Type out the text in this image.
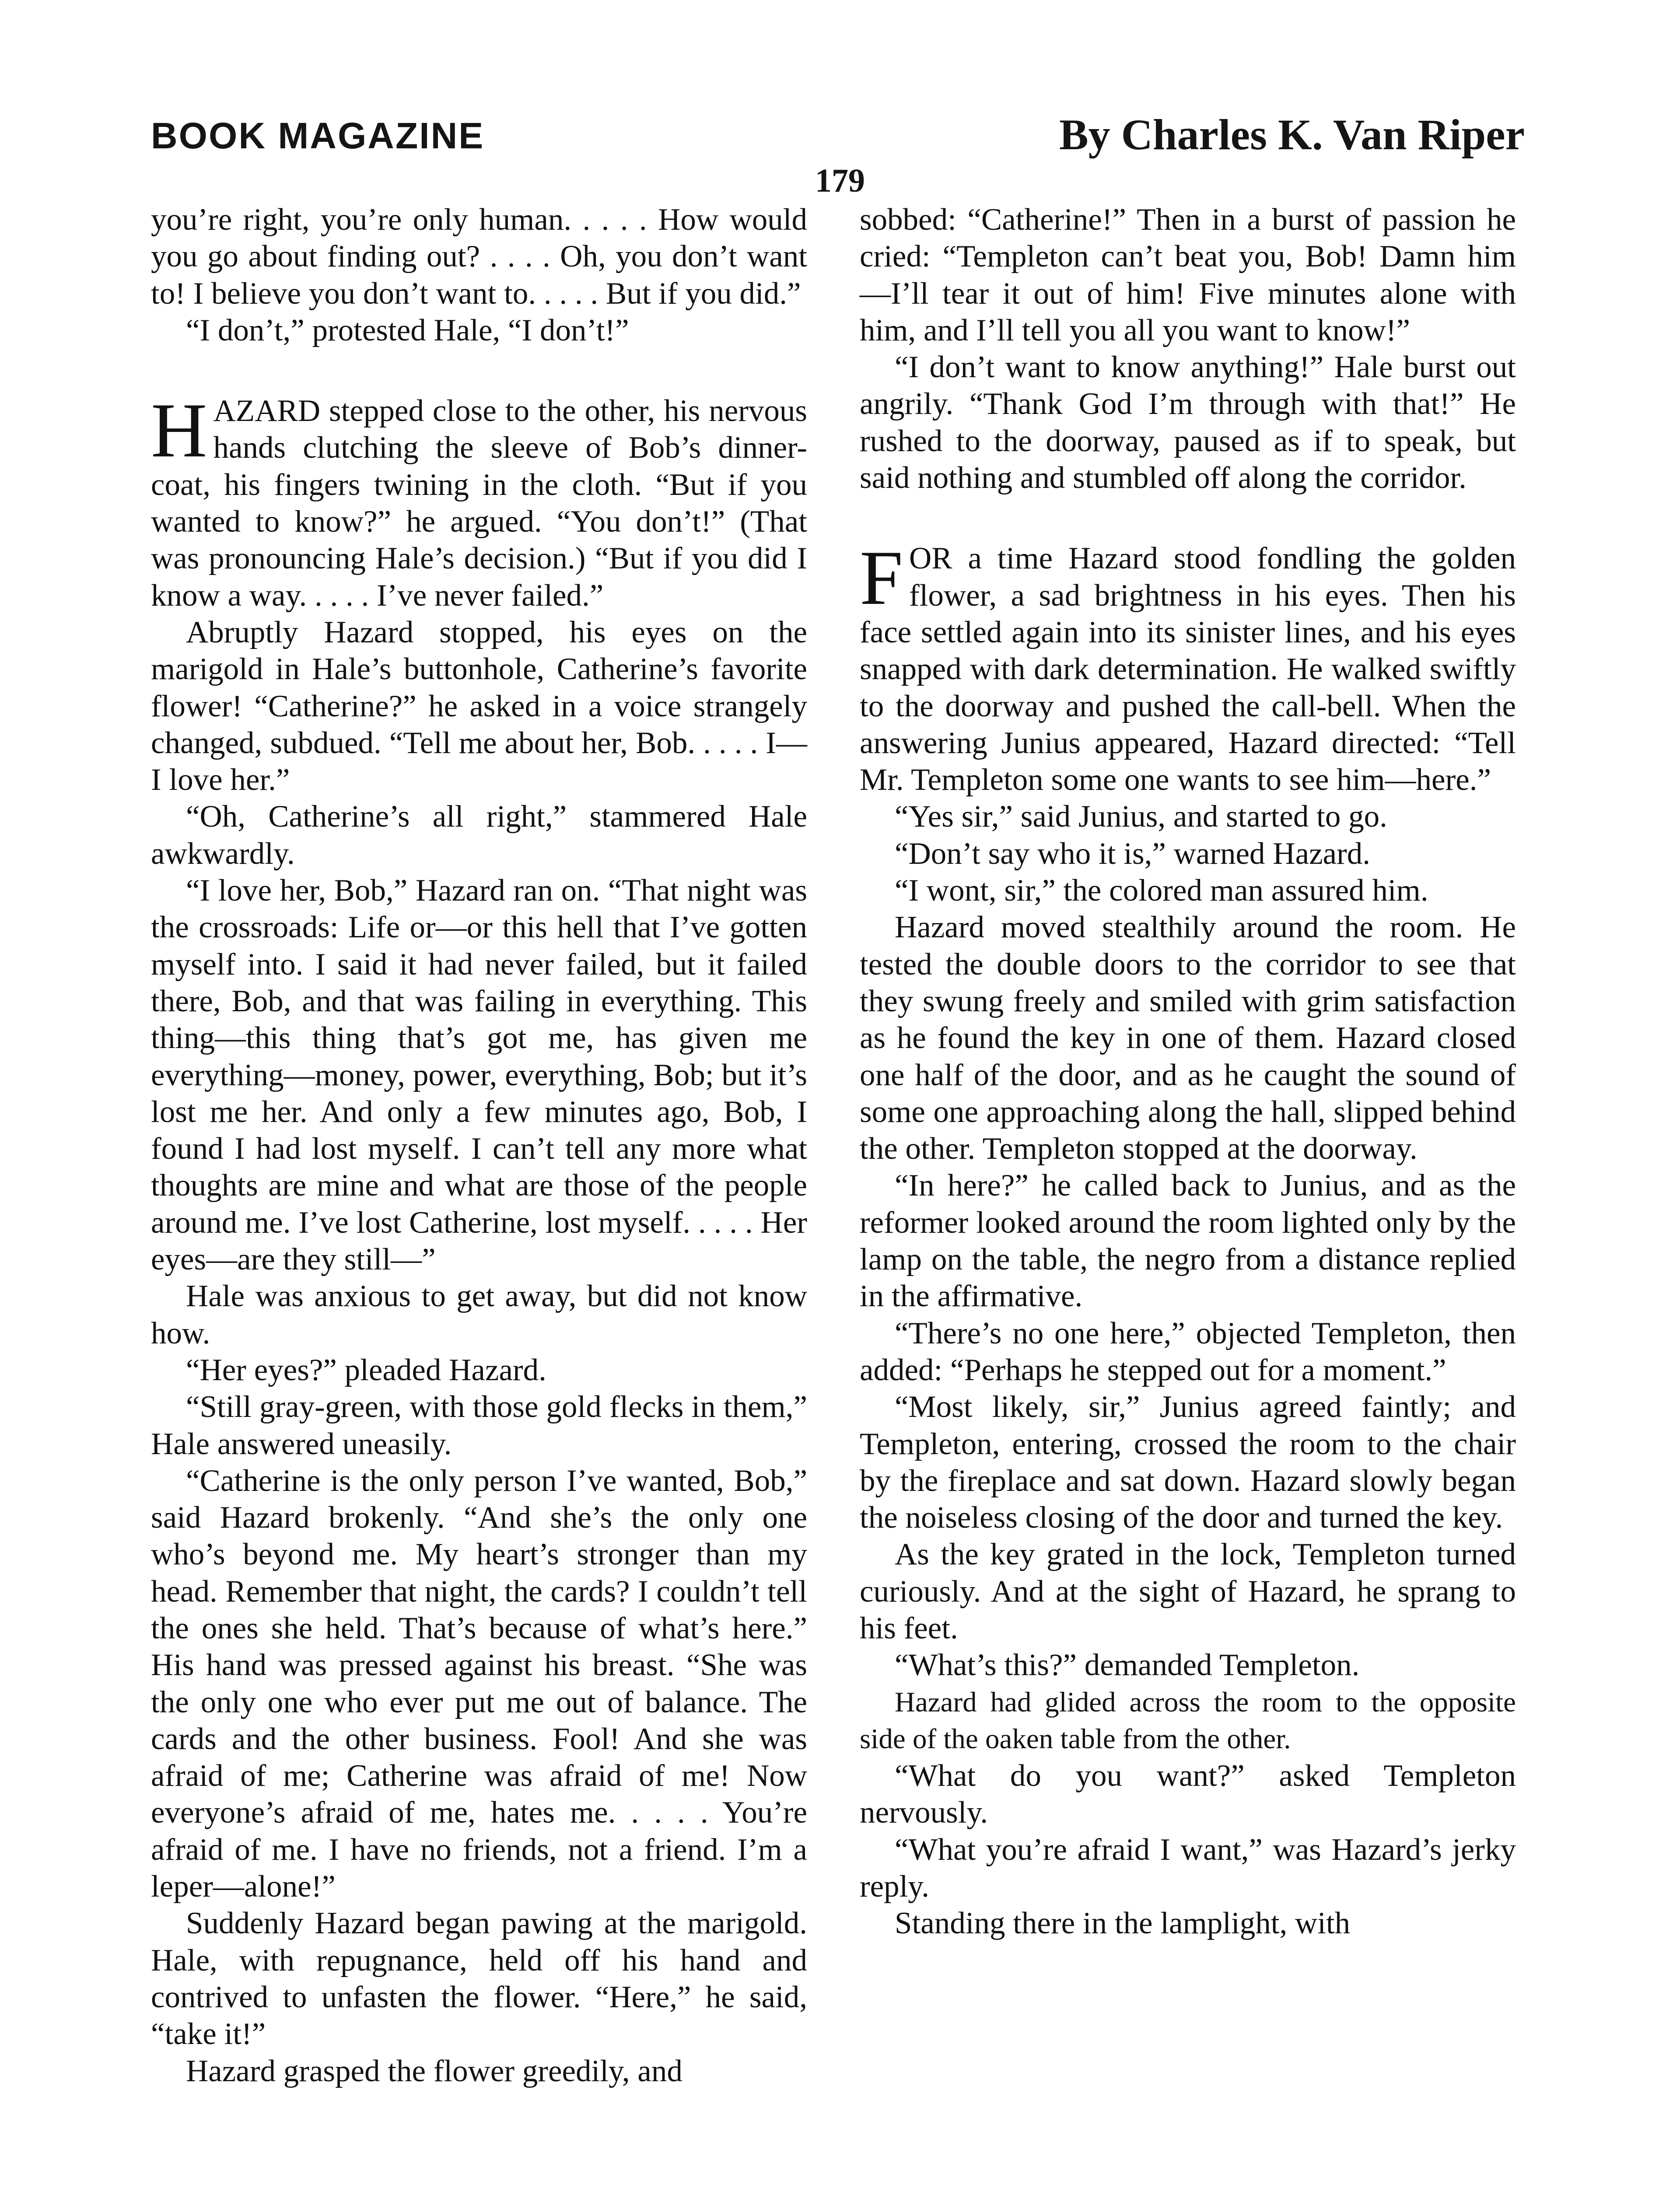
BOOK MAGAZINE	By Charles K. Van Riper
179

you’re right, you’re only human. . . . . How would you go about finding out? . . . . Oh, you don’t want to! I believe you don’t want to. . . . . But if you did.”

“I don’t,” protested Hale, “I don’t!”

HAZARD stepped close to the other, his nervous hands clutching the sleeve of Bob’s dinner-coat, his fingers twining in the cloth. “But if you wanted to know?” he argued. “You don’t!” (That was pronouncing Hale’s decision.) “But if you did I know a way. . . . . I’ve never failed.”

Abruptly Hazard stopped, his eyes on the marigold in Hale’s buttonhole, Catherine’s favorite flower! “Catherine?” he asked in a voice strangely changed, subdued. “Tell me about her, Bob. . . . . I—I love her.”

“Oh, Catherine’s all right,” stammered Hale awkwardly.

“I love her, Bob,” Hazard ran on. “That night was the crossroads: Life or—or this hell that I’ve gotten myself into. I said it had never failed, but it failed there, Bob, and that was failing in everything. This thing—this thing that’s got me, has given me everything—money, power, everything, Bob; but it’s lost me her. And only a few minutes ago, Bob, I found I had lost myself. I can’t tell any more what thoughts are mine and what are those of the people around me. I’ve lost Catherine, lost myself. . . . . Her eyes—are they still—”

Hale was anxious to get away, but did not know how.

“Her eyes?” pleaded Hazard.

“Still gray-green, with those gold flecks in them,” Hale answered uneasily.

“Catherine is the only person I’ve wanted, Bob,” said Hazard brokenly. “And she’s the only one who’s beyond me. My heart’s stronger than my head. Remember that night, the cards? I couldn’t tell the ones she held. That’s because of what’s here.” His hand was pressed against his breast. “She was the only one who ever put me out of balance. The cards and the other business. Fool! And she was afraid of me; Catherine was afraid of me! Now everyone’s afraid of me, hates me. . . . . You’re afraid of me. I have no friends, not a friend. I’m a leper—alone!”

Suddenly Hazard began pawing at the marigold. Hale, with repugnance, held off his hand and contrived to unfasten the flower. “Here,” he said, “take it!”

Hazard grasped the flower greedily, and

sobbed: “Catherine!” Then in a burst of passion he cried: “Templeton can’t beat you, Bob! Damn him—I’ll tear it out of him! Five minutes alone with him, and I’ll tell you all you want to know!”

“I don’t want to know anything!” Hale burst out angrily. “Thank God I’m through with that!” He rushed to the doorway, paused as if to speak, but said nothing and stumbled off along the corridor.

FOR a time Hazard stood fondling the golden flower, a sad brightness in his eyes. Then his face settled again into its sinister lines, and his eyes snapped with dark determination. He walked swiftly to the doorway and pushed the call-bell. When the answering Junius appeared, Hazard directed: “Tell Mr. Templeton some one wants to see him—here.”

“Yes sir,” said Junius, and started to go.

“Don’t say who it is,” warned Hazard.

“I wont, sir,” the colored man assured him.

Hazard moved stealthily around the room. He tested the double doors to the corridor to see that they swung freely and smiled with grim satisfaction as he found the key in one of them. Hazard closed one half of the door, and as he caught the sound of some one approaching along the hall, slipped behind the other. Templeton stopped at the doorway.

“In here?” he called back to Junius, and as the reformer looked around the room lighted only by the lamp on the table, the negro from a distance replied in the affirmative.

“There’s no one here,” objected Templeton, then added: “Perhaps he stepped out for a moment.”

“Most likely, sir,” Junius agreed faintly; and Templeton, entering, crossed the room to the chair by the fireplace and sat down. Hazard slowly began the noiseless closing of the door and turned the key.

As the key grated in the lock, Templeton turned curiously. And at the sight of Hazard, he sprang to his feet.

“What’s this?” demanded Templeton.

Hazard had glided across the room to the opposite side of the oaken table from the other.

“What do you want?” asked Templeton nervously.

“What you’re afraid I want,” was Hazard’s jerky reply.

Standing there in the lamplight, with
